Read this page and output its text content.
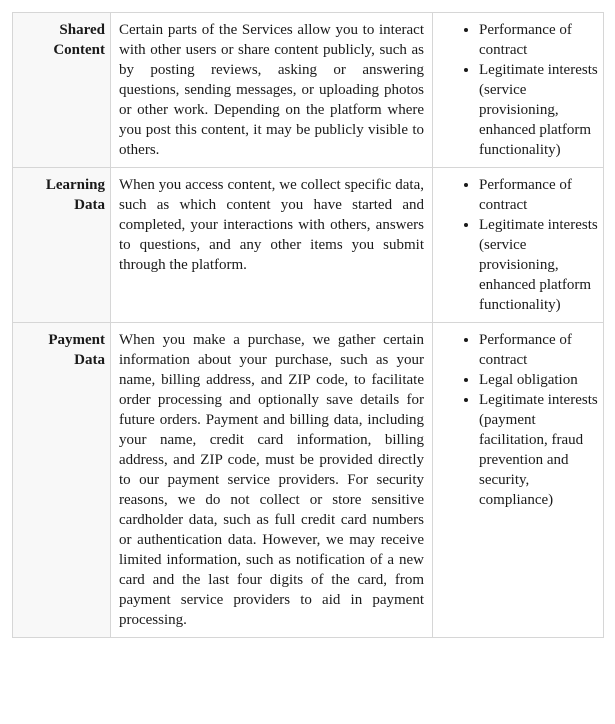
Shared Content	Certain parts of the Services allow you to interact with other users or share content publicly, such as by posting reviews, asking or answering questions, sending messages, or uploading photos or other work. Depending on the platform where you post this content, it may be publicly visible to others.	
• Performance of contract
• Legitimate interests (service provisioning, enhanced platform functionality)

Learning Data	When you access content, we collect specific data, such as which content you have started and completed, your interactions with others, answers to questions, and any other items you submit through the platform.	
• Performance of contract
• Legitimate interests (service provisioning, enhanced platform functionality)

Payment Data	When you make a purchase, we gather certain information about your purchase, such as your name, billing address, and ZIP code, to facilitate order processing and optionally save details for future orders. Payment and billing data, including your name, credit card information, billing address, and ZIP code, must be provided directly to our payment service providers. For security reasons, we do not collect or store sensitive cardholder data, such as full credit card numbers or authentication data. However, we may receive limited information, such as notification of a new card and the last four digits of the card, from payment service providers to aid in payment processing.	
• Performance of contract
• Legal obligation
• Legitimate interests (payment facilitation, fraud prevention and security, compliance)
